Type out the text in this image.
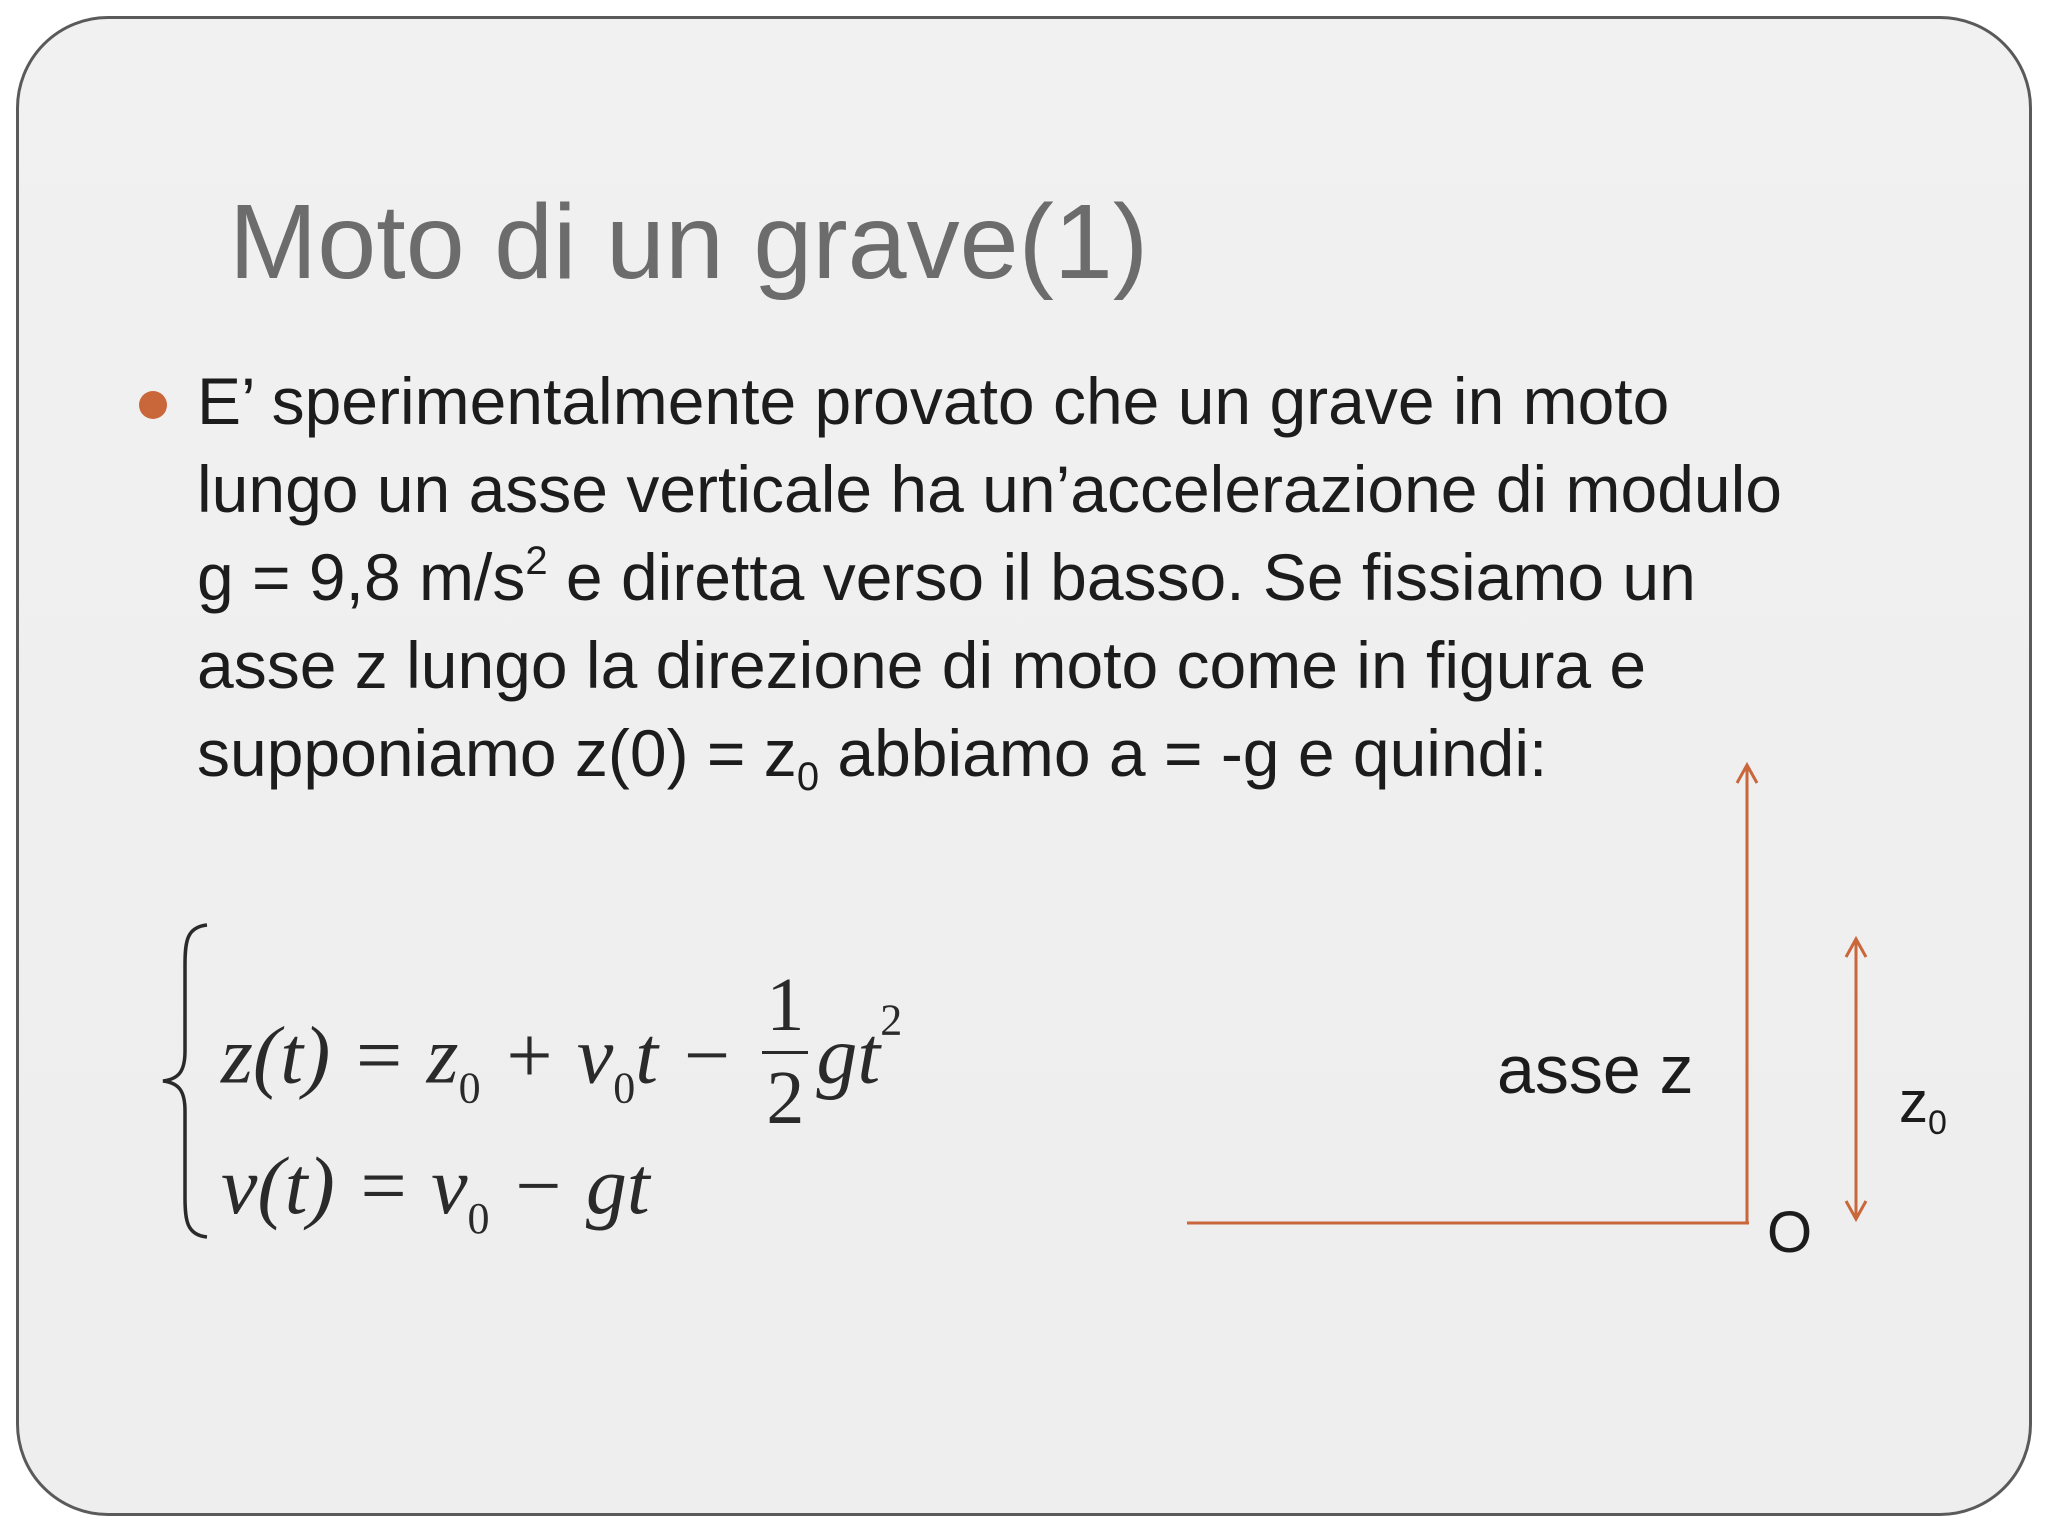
Moto di un grave(1)
E’ sperimentalmente provato che un grave in moto
lungo un asse verticale ha un’accelerazione di modulo
g = 9,8 $m/s^2$ e diretta verso il basso. Se fissiamo un
asse z lungo la direzione di moto come in figura e
supponiamo $z(0) = z_0$ abbiamo a = -g e quindi:
$z(t) = z_0 + v_0t - \frac{1}{2} gt^2$
$v(t) = v_0$ − gt
asse z	$z_0$
O
